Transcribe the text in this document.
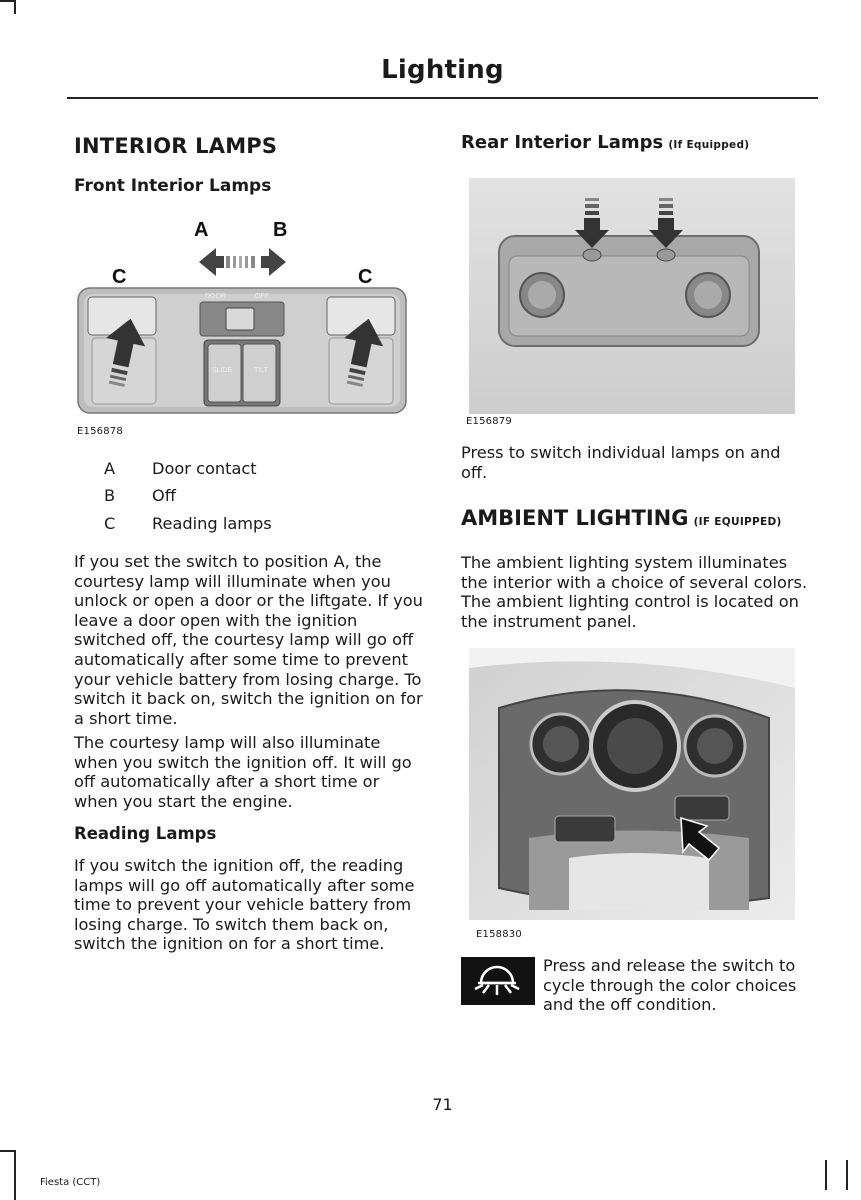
Lighting
INTERIOR LAMPS
Front Interior Lamps
A	B
C	C
DOOR	OFF
SLIDE	TILT
E156878
A Door contact
B Off
C Reading lamps

If you set the switch to position A, the

courtesy lamp will illuminate when you

unlock or open a door or the liftgate. If you

leave a door open with the ignition

switched off, the courtesy lamp will go off

automatically after some time to prevent

your vehicle battery from losing charge. To

switch it back on, switch the ignition on for

a short time.

The courtesy lamp will also illuminate

when you switch the ignition off. It will go

off automatically after a short time or

when you start the engine.

Reading Lamps

If you switch the ignition off, the reading

lamps will go off automatically after some

time to prevent your vehicle battery from

losing charge. To switch them back on,

switch the ignition on for a short time.

Rear Interior Lamps (If Equipped)
E156879

Press to switch individual lamps on and

off.

AMBIENT LIGHTING (IF EQUIPPED)

The ambient lighting system illuminates

the interior with a choice of several colors.

The ambient lighting control is located on

the instrument panel.

E158830

Press and release the switch to

cycle through the color choices

and the off condition.

71
Fiesta (CCT)
